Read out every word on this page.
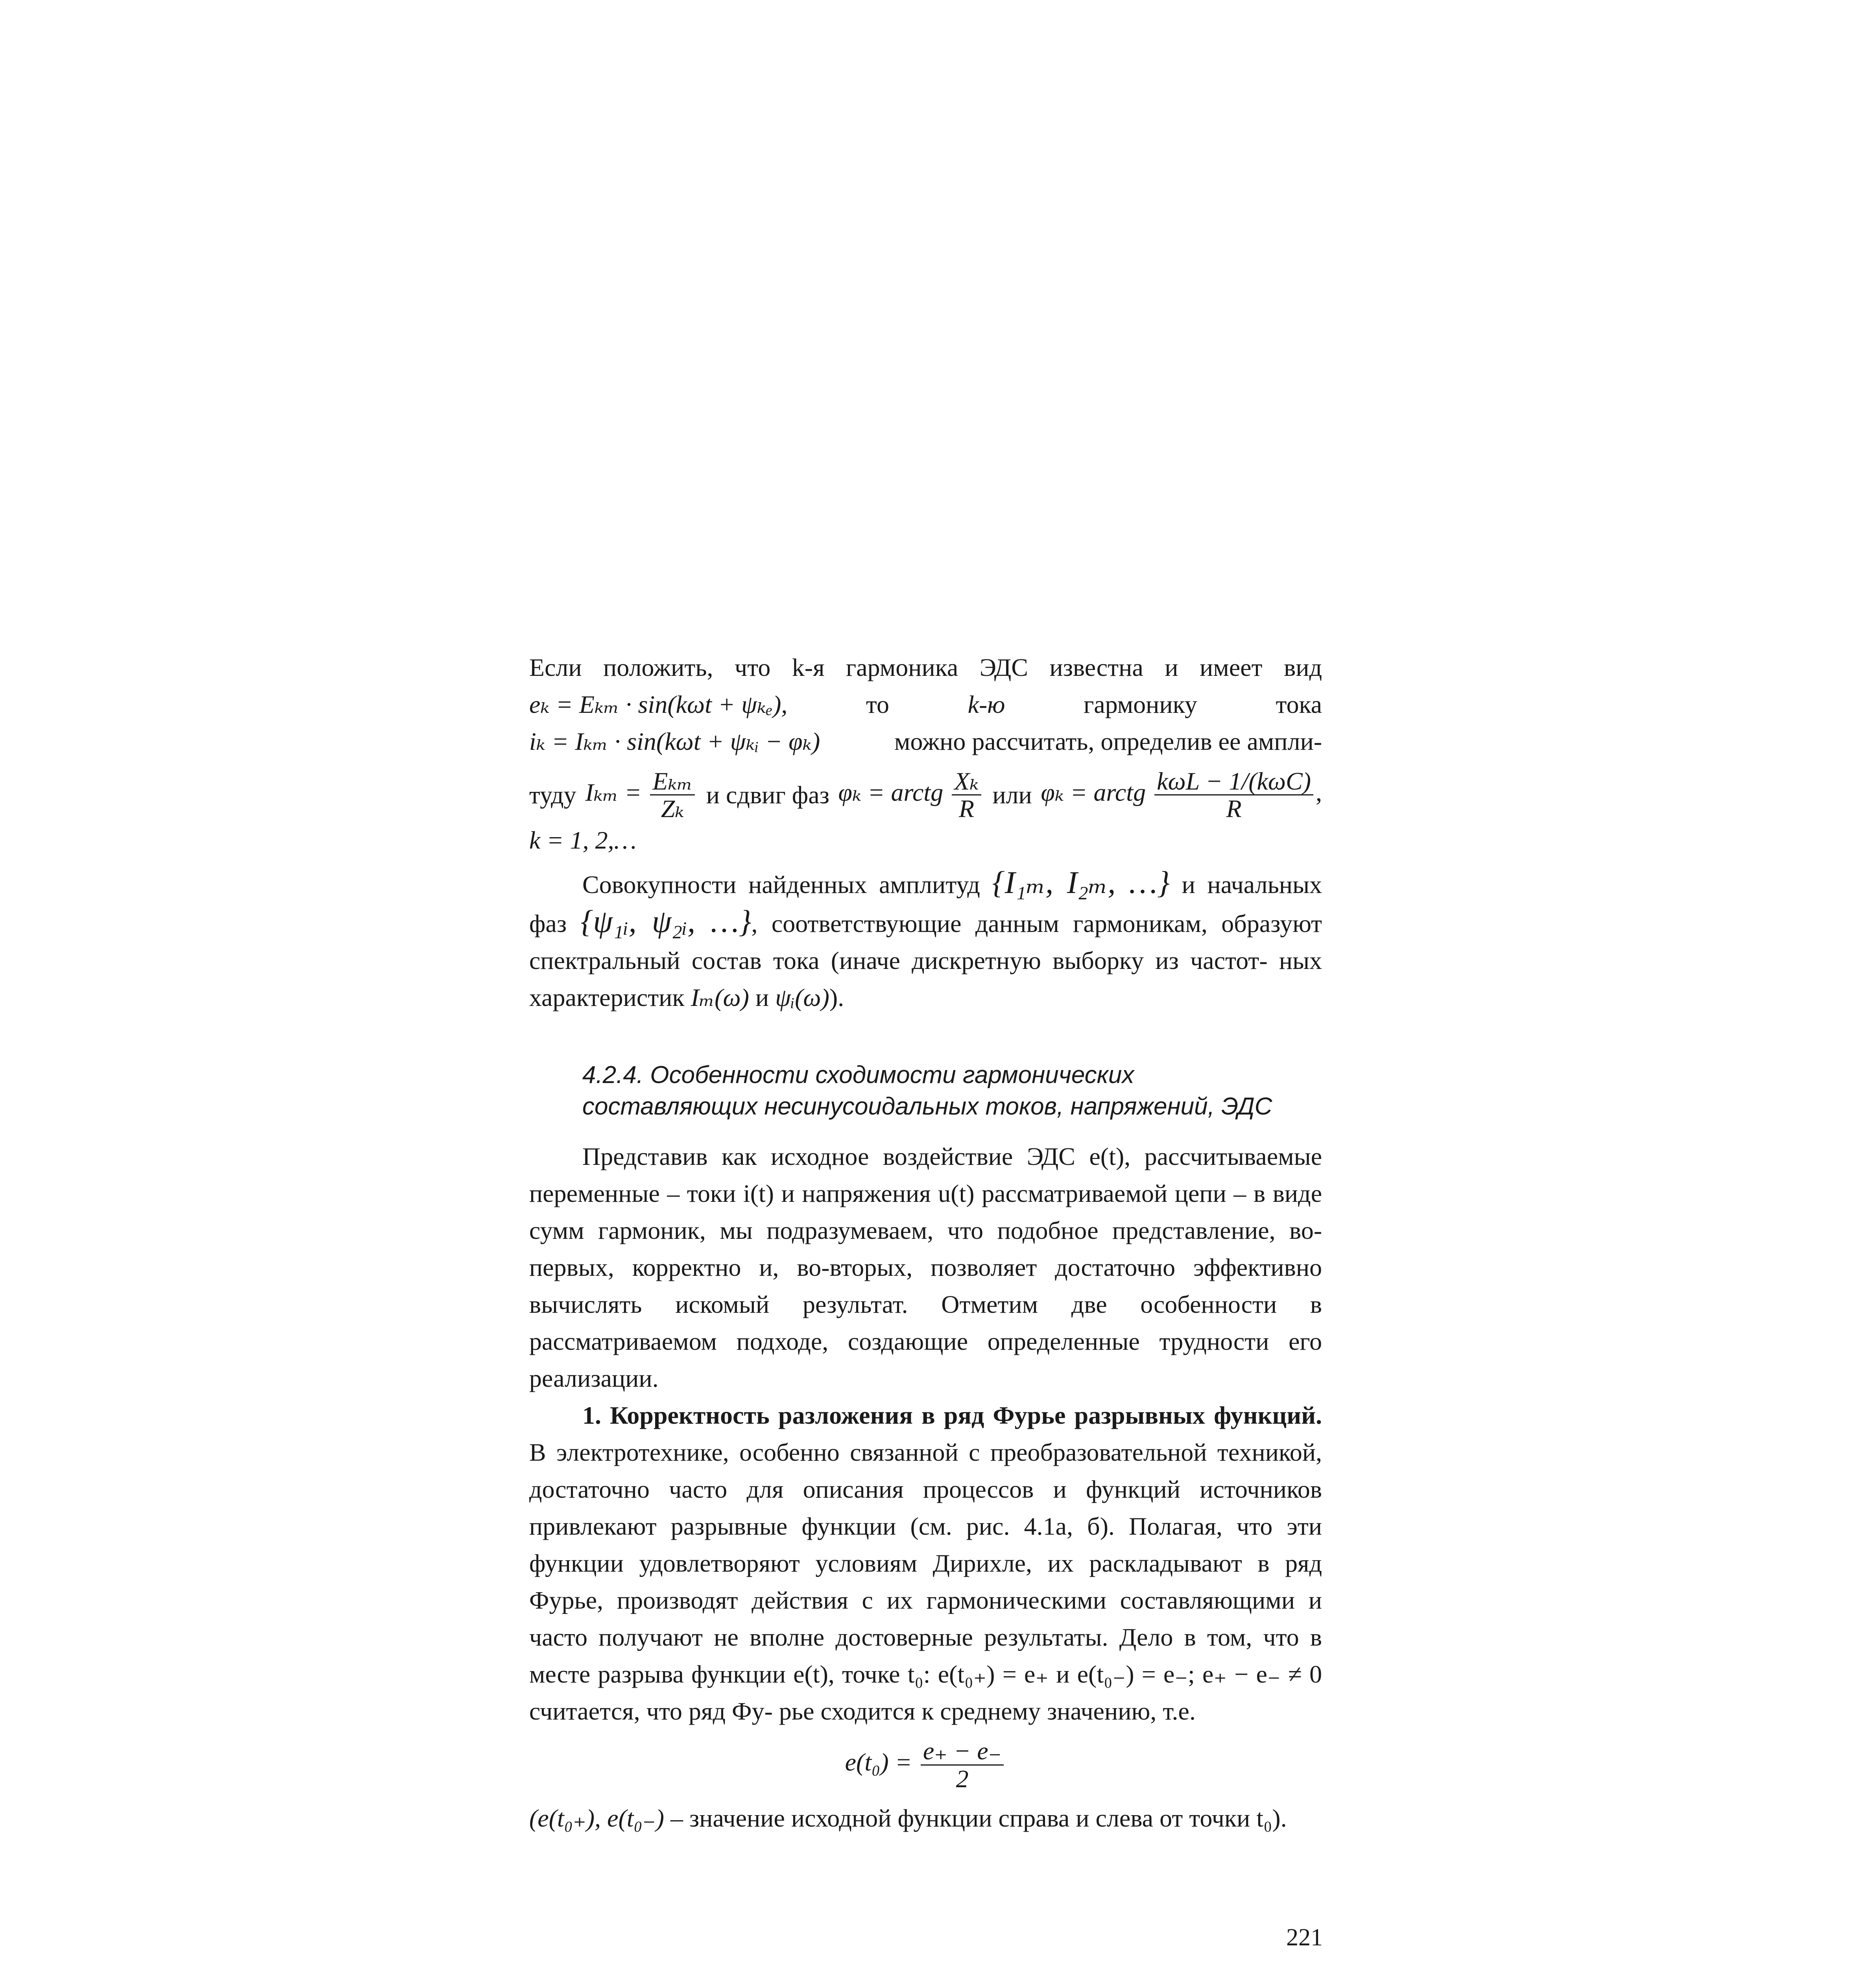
Если положить, что k-я гармоника ЭДС известна и имеет вид

eₖ = Eₖₘ · sin(kωt + ψₖₑ),	то	k-ю	гармонику	тока
iₖ = Iₖₘ · sin(kωt + ψₖᵢ − φₖ)	можно рассчитать, определив ее ампли-
туду $I_{km} = \frac{\text{Eₖₘ}}{\text{Zₖ}}$ и сдвиг фаз φₖ = arctg $\frac{\text{Xₖ}}{R}$ или φₖ = arctg $\frac{\text{kωL − 1/(kωC)}}{R}$ ,

k = 1, 2,…

Совокупности найденных амплитуд {I₁ₘ, I₂ₘ, …} и начальных фаз {ψ₁ᵢ, ψ₂ᵢ, …}, соответствующие данным гармоникам, образуют спектральный состав тока (иначе дискретную выборку из частот- ных характеристик Iₘ(ω) и ψᵢ(ω)).

4.2.4. Особенности сходимости гармонических
составляющих несинусоидальных токов, напряжений, ЭДС

Представив как исходное воздействие ЭДС e(t), рассчитываемые переменные – токи i(t) и напряжения u(t) рассматриваемой цепи – в виде сумм гармоник, мы подразумеваем, что подобное представление, во-первых, корректно и, во-вторых, позволяет достаточно эффективно вычислять искомый результат. Отметим две особенности в рассматриваемом подходе, создающие определенные трудности его реализации.

1. Корректность разложения в ряд Фурье разрывных функций. В электротехнике, особенно связанной с преобразовательной техникой, достаточно часто для описания процессов и функций источников привлекают разрывные функции (см. рис. 4.1а, б). Полагая, что эти функции удовлетворяют условиям Дирихле, их раскладывают в ряд Фурье, производят действия с их гармоническими составляющими и часто получают не вполне достоверные результаты. Дело в том, что в месте разрыва функции e(t), точке t₀: e(t₀₊) = e₊ и e(t₀₋) = e₋; e₊ − e₋ ≠ 0 считается, что ряд Фу- рье сходится к среднему значению, т.е.

$e(t_0) = \frac{e_+ - e_-}{2}$

(e(t₀₊), e(t₀₋) – значение исходной функции справа и слева от точки t₀).

221
